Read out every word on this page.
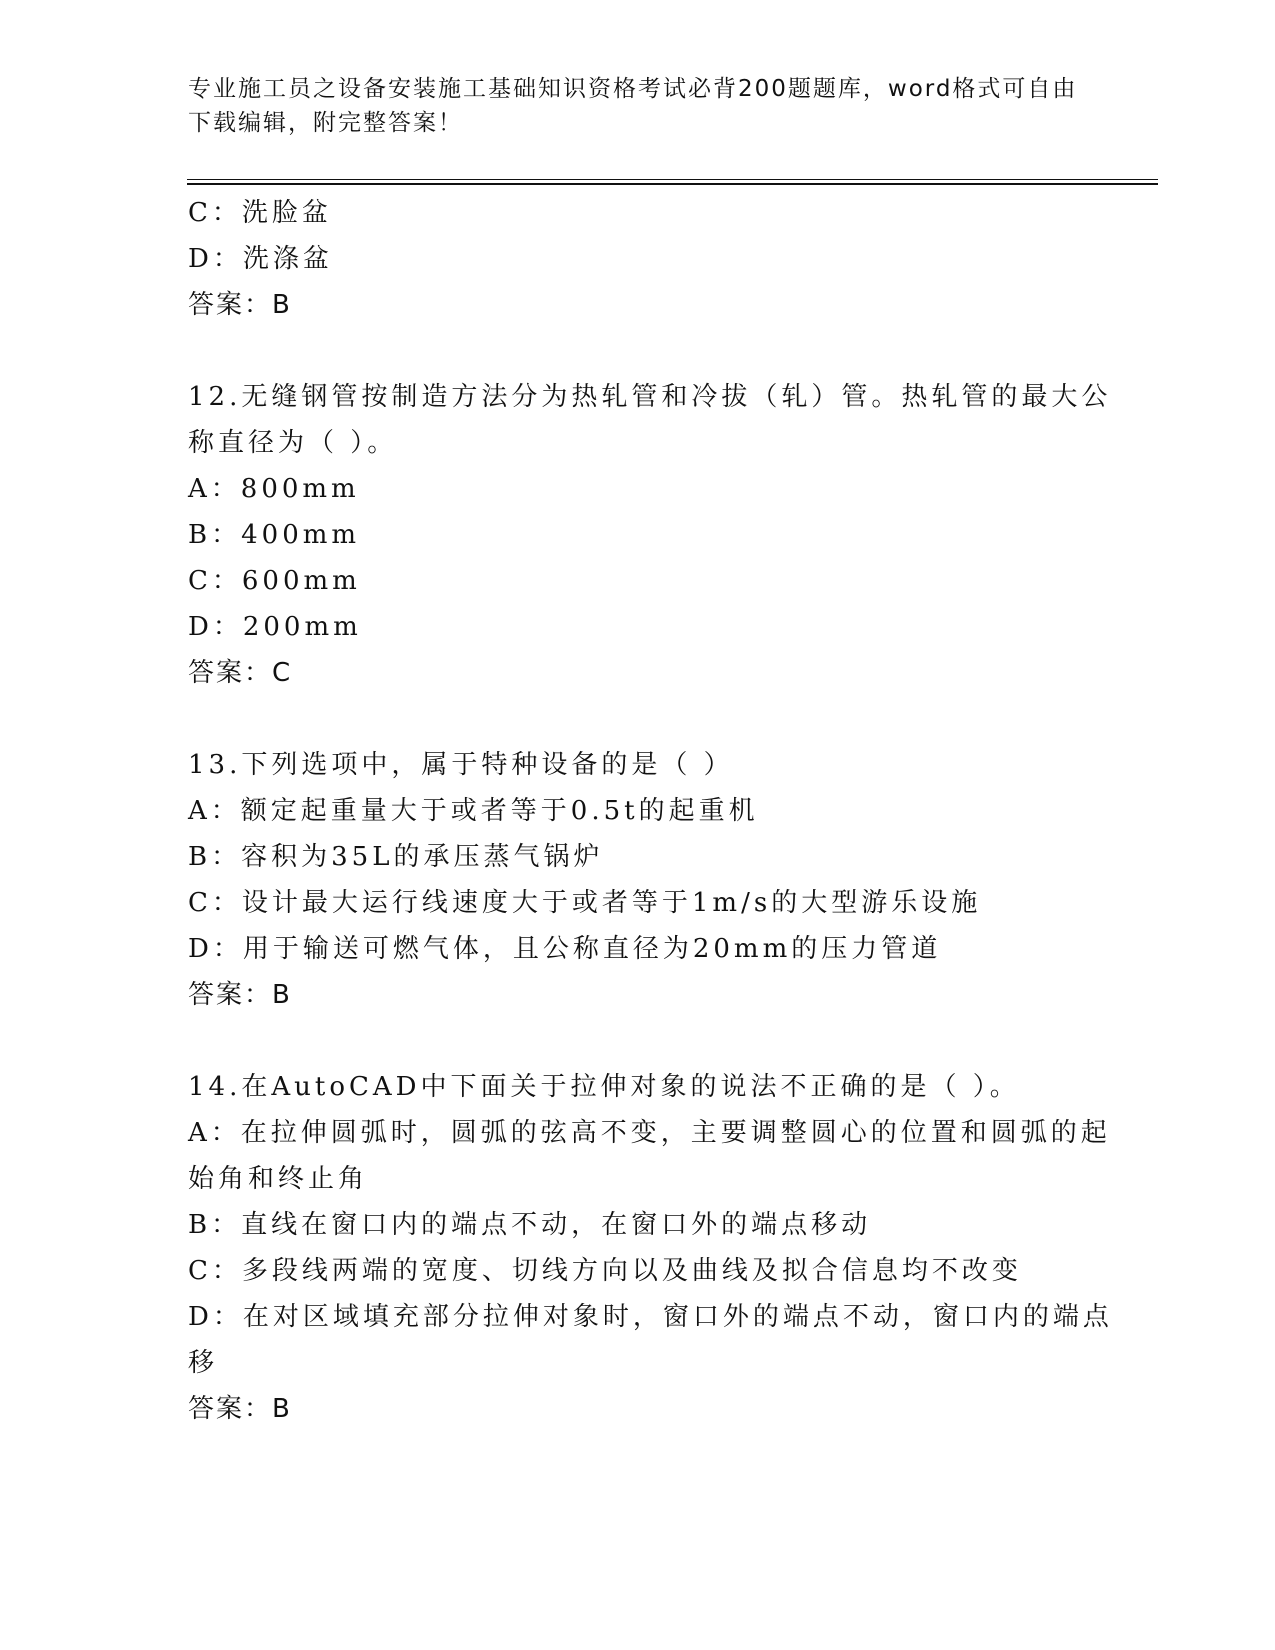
专业施工员之设备安装施工基础知识资格考试必背200题题库，word格式可自由
下载编辑，附完整答案！
C：洗脸盆
D：洗涤盆
答案：B
12.无缝钢管按制造方法分为热轧管和冷拔（轧）管。热轧管的最大公
称直径为（ ）。
A：800mm
B：400mm
C：600mm
D：200mm
答案：C
13.下列选项中，属于特种设备的是（ ）
A：额定起重量大于或者等于0.5t的起重机
B：容积为35L的承压蒸气锅炉
C：设计最大运行线速度大于或者等于1m/s的大型游乐设施
D：用于输送可燃气体，且公称直径为20mm的压力管道
答案：B
14.在AutoCAD中下面关于拉伸对象的说法不正确的是（ ）。
A：在拉伸圆弧时，圆弧的弦高不变，主要调整圆心的位置和圆弧的起
始角和终止角
B：直线在窗口内的端点不动，在窗口外的端点移动
C：多段线两端的宽度、切线方向以及曲线及拟合信息均不改变
D：在对区域填充部分拉伸对象时，窗口外的端点不动，窗口内的端点
移
答案：B
